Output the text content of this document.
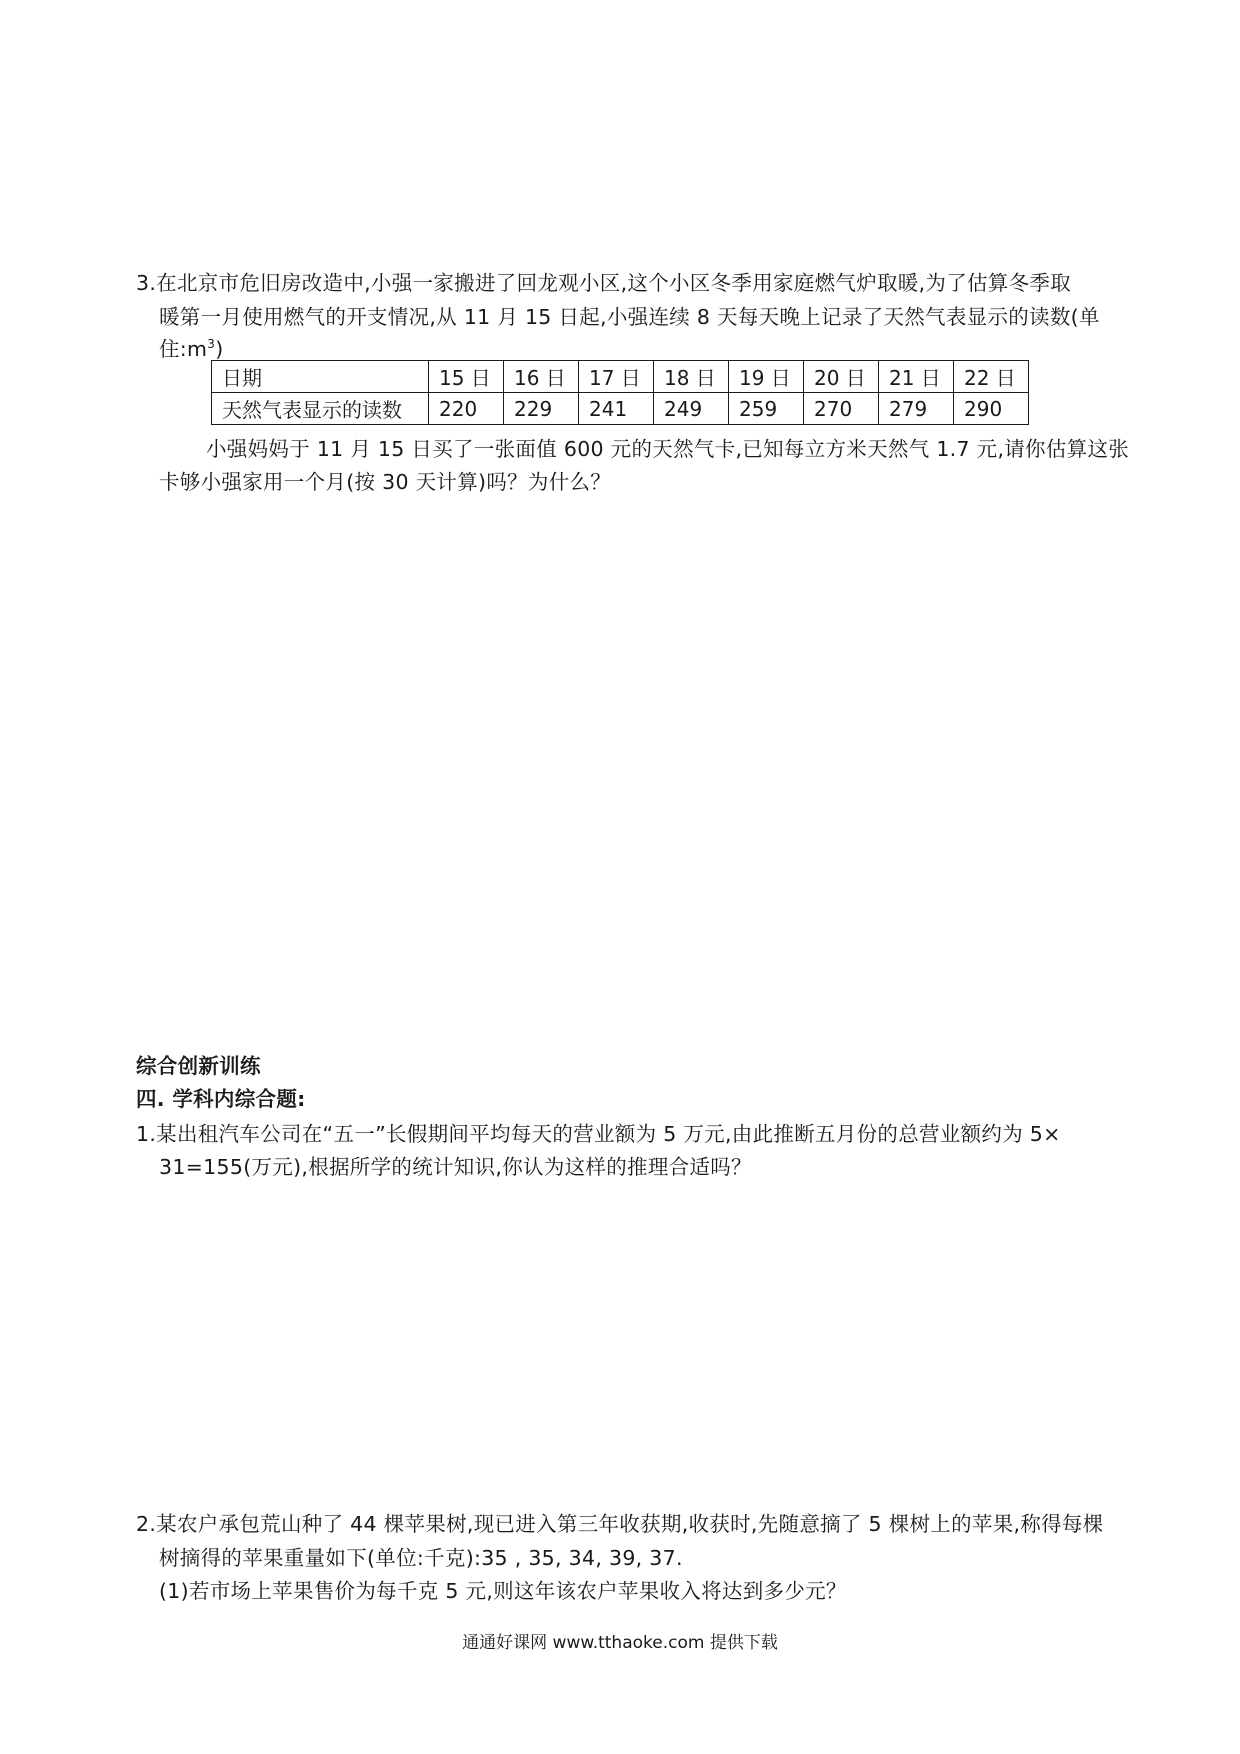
3.在北京市危旧房改造中,小强一家搬进了回龙观小区,这个小区冬季用家庭燃气炉取暖,为了估算冬季取
暖第一月使用燃气的开支情况,从 11 月 15 日起,小强连续 8 天每天晚上记录了天然气表显示的读数(单
住$:m^3$)
日期	15 日	16 日	17 日	18 日	19 日	20 日	21 日	22 日
天然气表显示的读数	220	229	241	249	259	270	279	290
小强妈妈于 11 月 15 日买了一张面值 600 元的天然气卡,已知每立方米天然气 1.7 元,请你估算这张
卡够小强家用一个月(按 30 天计算)吗？为什么？
综合创新训练
四. 学科内综合题:
1.某出租汽车公司在“五一”长假期间平均每天的营业额为 5 万元,由此推断五月份的总营业额约为 5×
31=155(万元),根据所学的统计知识,你认为这样的推理合适吗？
2.某农户承包荒山种了 44 棵苹果树,现已进入第三年收获期,收获时,先随意摘了 5 棵树上的苹果,称得每棵
树摘得的苹果重量如下(单位:千克):35 , 35, 34, 39, 37.
(1)若市场上苹果售价为每千克 5 元,则这年该农户苹果收入将达到多少元？
通通好课网 www.tthaoke.com 提供下载
